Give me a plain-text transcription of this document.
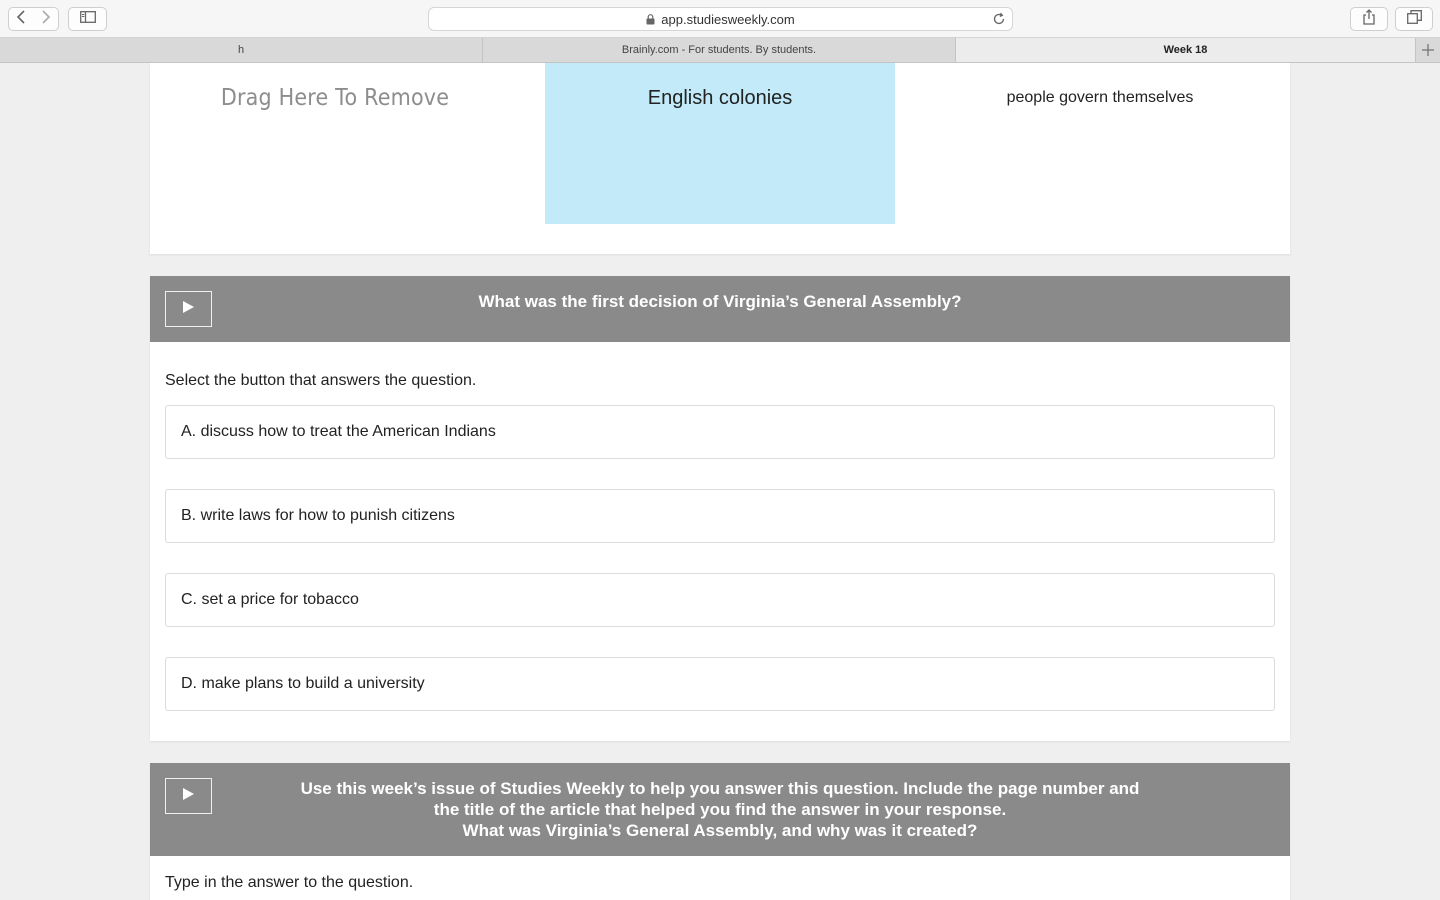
app.studiesweekly.com
h	Brainly.com - For students. By students.	Week 18
Drag Here To Remove	English colonies	people govern themselves
What was the first decision of Virginia’s General Assembly?
Select the button that answers the question.
A. discuss how to treat the American Indians
B. write laws for how to punish citizens
C. set a price for tobacco
D. make plans to build a university
Use this week’s issue of Studies Weekly to help you answer this question. Include the page number and
the title of the article that helped you find the answer in your response.
What was Virginia’s General Assembly, and why was it created?
Type in the answer to the question.
